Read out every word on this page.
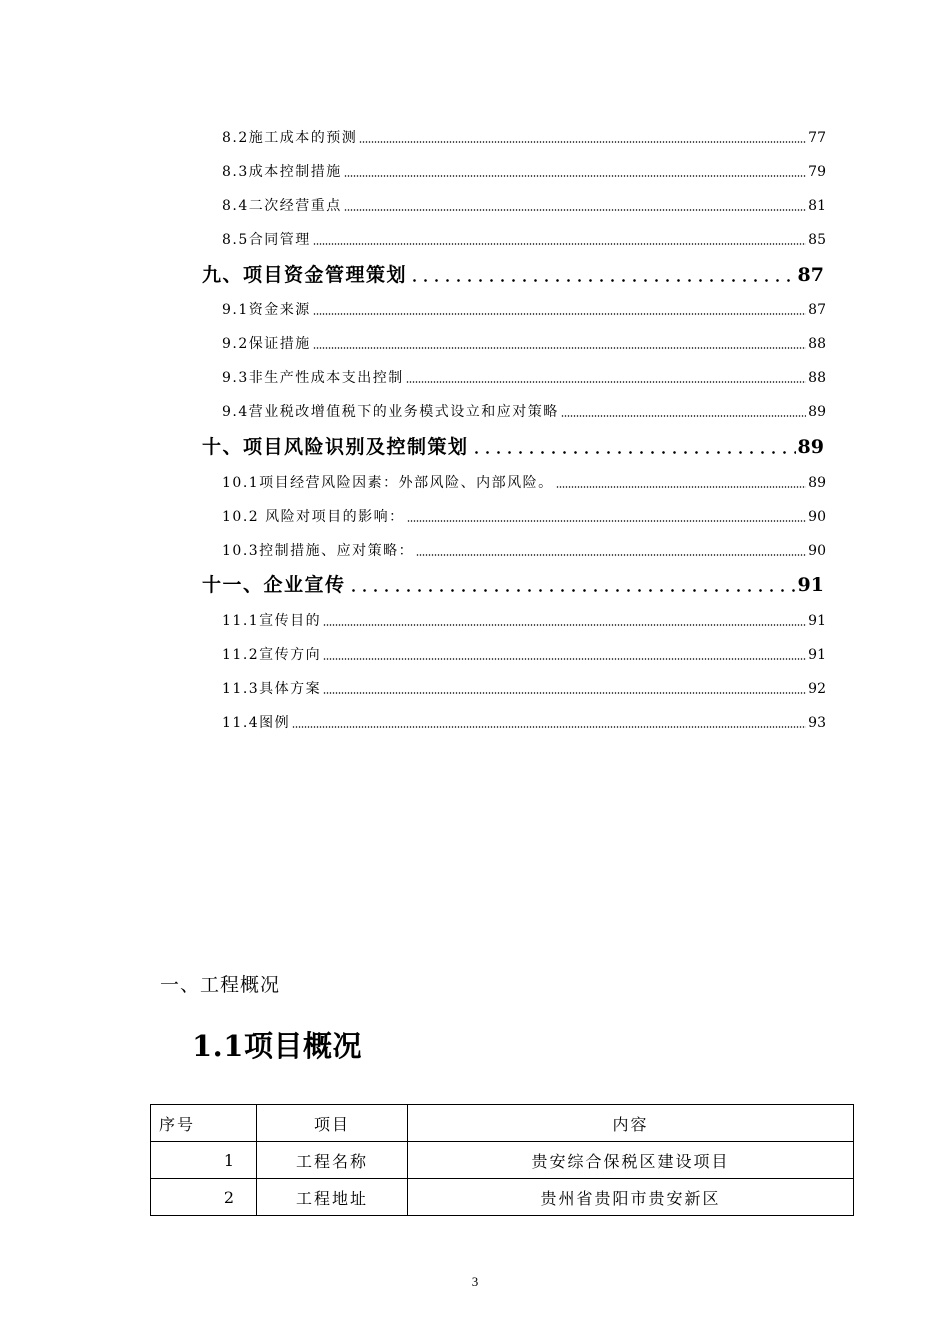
8.2施工成本的预测	77
8.3成本控制措施	79
8.4二次经营重点	81
8.5合同管理	85
九、项目资金管理策划	87
9.1资金来源	87
9.2保证措施	88
9.3非生产性成本支出控制	88
9.4营业税改增值税下的业务模式设立和应对策略	89
十、项目风险识别及控制策划	89
10.1项目经营风险因素：外部风险、内部风险。	89
10.2 风险对项目的影响：	90
10.3控制措施、应对策略：	90
十一、企业宣传	91
11.1宣传目的	91
11.2宣传方向	91
11.3具体方案	92
11.4图例	93
一、工程概况
1.1项目概况
序号	项目	内容
1	工程名称	贵安综合保税区建设项目
2	工程地址	贵州省贵阳市贵安新区
3
